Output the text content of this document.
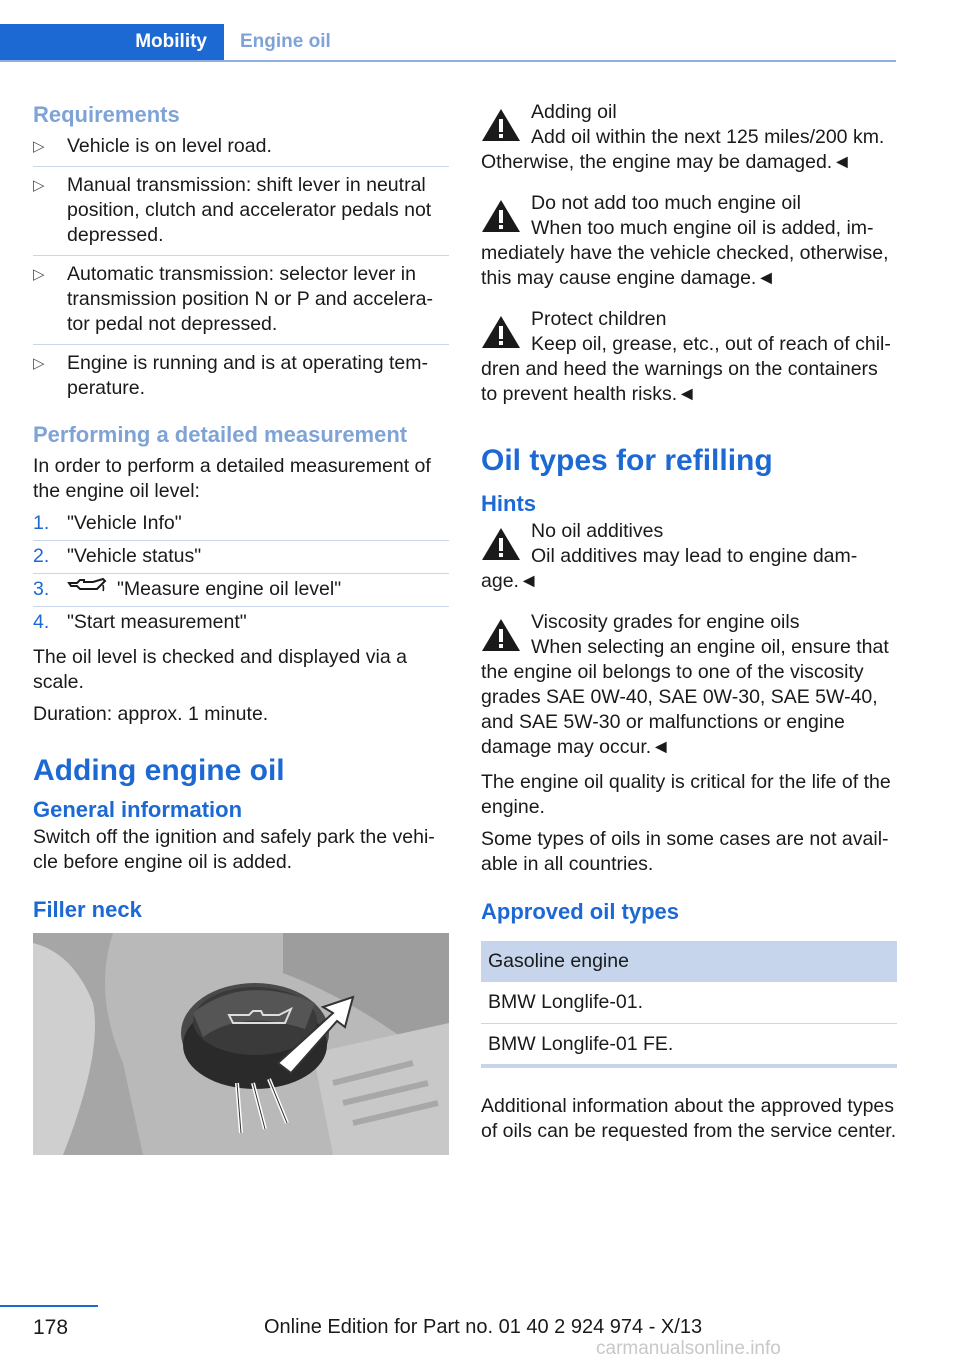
Mobility	Engine oil
Requirements
▷ Vehicle is on level road.
▷ Manual transmission: shift lever in neutral position, clutch and accelerator pedals not depressed.
▷ Automatic transmission: selector lever in transmission position N or P and accelera-tor pedal not depressed.
▷ Engine is running and is at operating tem-perature.
Performing a detailed measurement

In order to perform a detailed measurement of the engine oil level:

1. "Vehicle Info"
2. "Vehicle status"
3.	"Measure engine oil level"
4. "Start measurement"

The oil level is checked and displayed via a scale.

Duration: approx. 1 minute.

Adding engine oil
General information

Switch off the ignition and safely park the vehi-cle before engine oil is added.

Filler neck
Adding oil
Add oil within the next 125 miles/200 km. Otherwise, the engine may be damaged.◄
Do not add too much engine oil
When too much engine oil is added, im-mediately have the vehicle checked, otherwise, this may cause engine damage.◄
Protect children
Keep oil, grease, etc., out of reach of chil-dren and heed the warnings on the containers to prevent health risks.◄
Oil types for refilling
Hints
No oil additives
Oil additives may lead to engine dam-age.◄
Viscosity grades for engine oils
When selecting an engine oil, ensure that the engine oil belongs to one of the viscosity grades SAE 0W-40, SAE 0W-30, SAE 5W-40, and SAE 5W-30 or malfunctions or engine damage may occur.◄

The engine oil quality is critical for the life of the engine.

Some types of oils in some cases are not avail-able in all countries.

Approved oil types
Gasoline engine
BMW Longlife-01.
BMW Longlife-01 FE.

Additional information about the approved types of oils can be requested from the service center.

178	Online Edition for Part no. 01 40 2 924 974 - X/13
carmanualsonline.info
